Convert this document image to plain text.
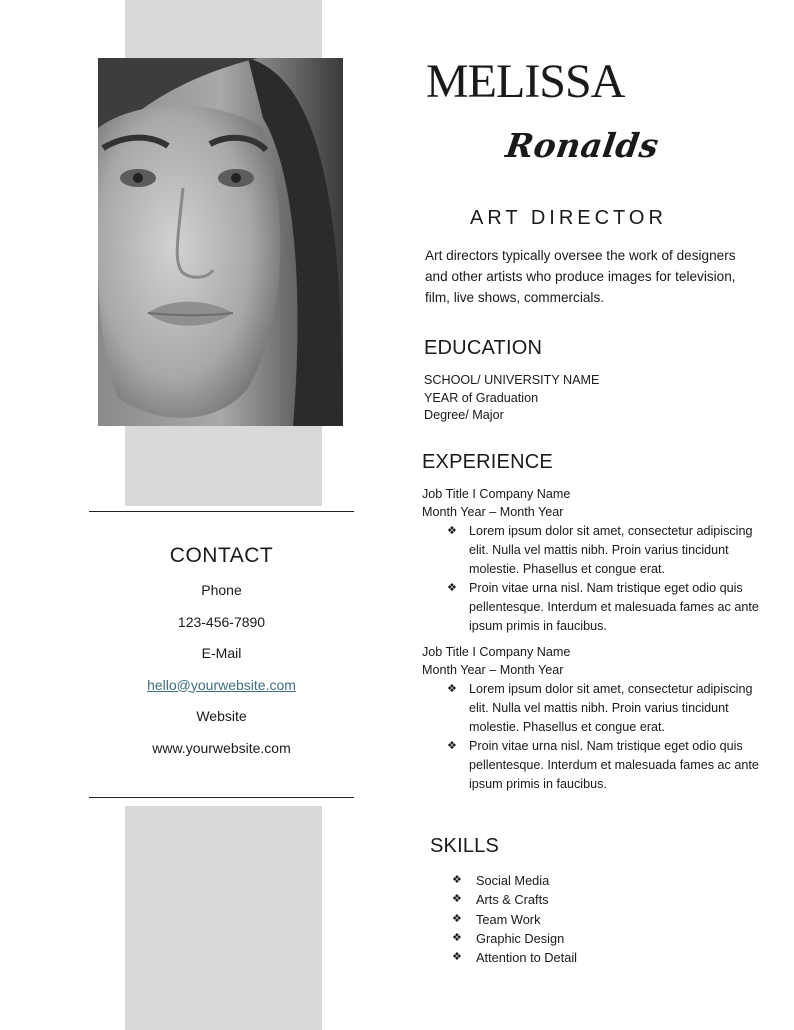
CONTACT
Phone
123-456-7890
E-Mail
hello@yourwebsite.com
Website
www.yourwebsite.com
MELISSA
Ronalds
ART DIRECTOR

Art directors typically oversee the work of designers and other artists who produce images for television, film, live shows, commercials.

EDUCATION
SCHOOL/ UNIVERSITY NAME
YEAR of Graduation
Degree/ Major
EXPERIENCE
Job Title I Company Name
Month Year – Month Year
❖ Lorem ipsum dolor sit amet, consectetur adipiscing elit. Nulla vel mattis nibh. Proin varius tincidunt molestie. Phasellus et congue erat.
❖ Proin vitae urna nisl. Nam tristique eget odio quis pellentesque. Interdum et malesuada fames ac ante ipsum primis in faucibus.
Job Title I Company Name
Month Year – Month Year
❖ Lorem ipsum dolor sit amet, consectetur adipiscing elit. Nulla vel mattis nibh. Proin varius tincidunt molestie. Phasellus et congue erat.
❖ Proin vitae urna nisl. Nam tristique eget odio quis pellentesque. Interdum et malesuada fames ac ante ipsum primis in faucibus.
SKILLS
❖ Social Media
❖ Arts & Crafts
❖ Team Work
❖ Graphic Design
❖ Attention to Detail
